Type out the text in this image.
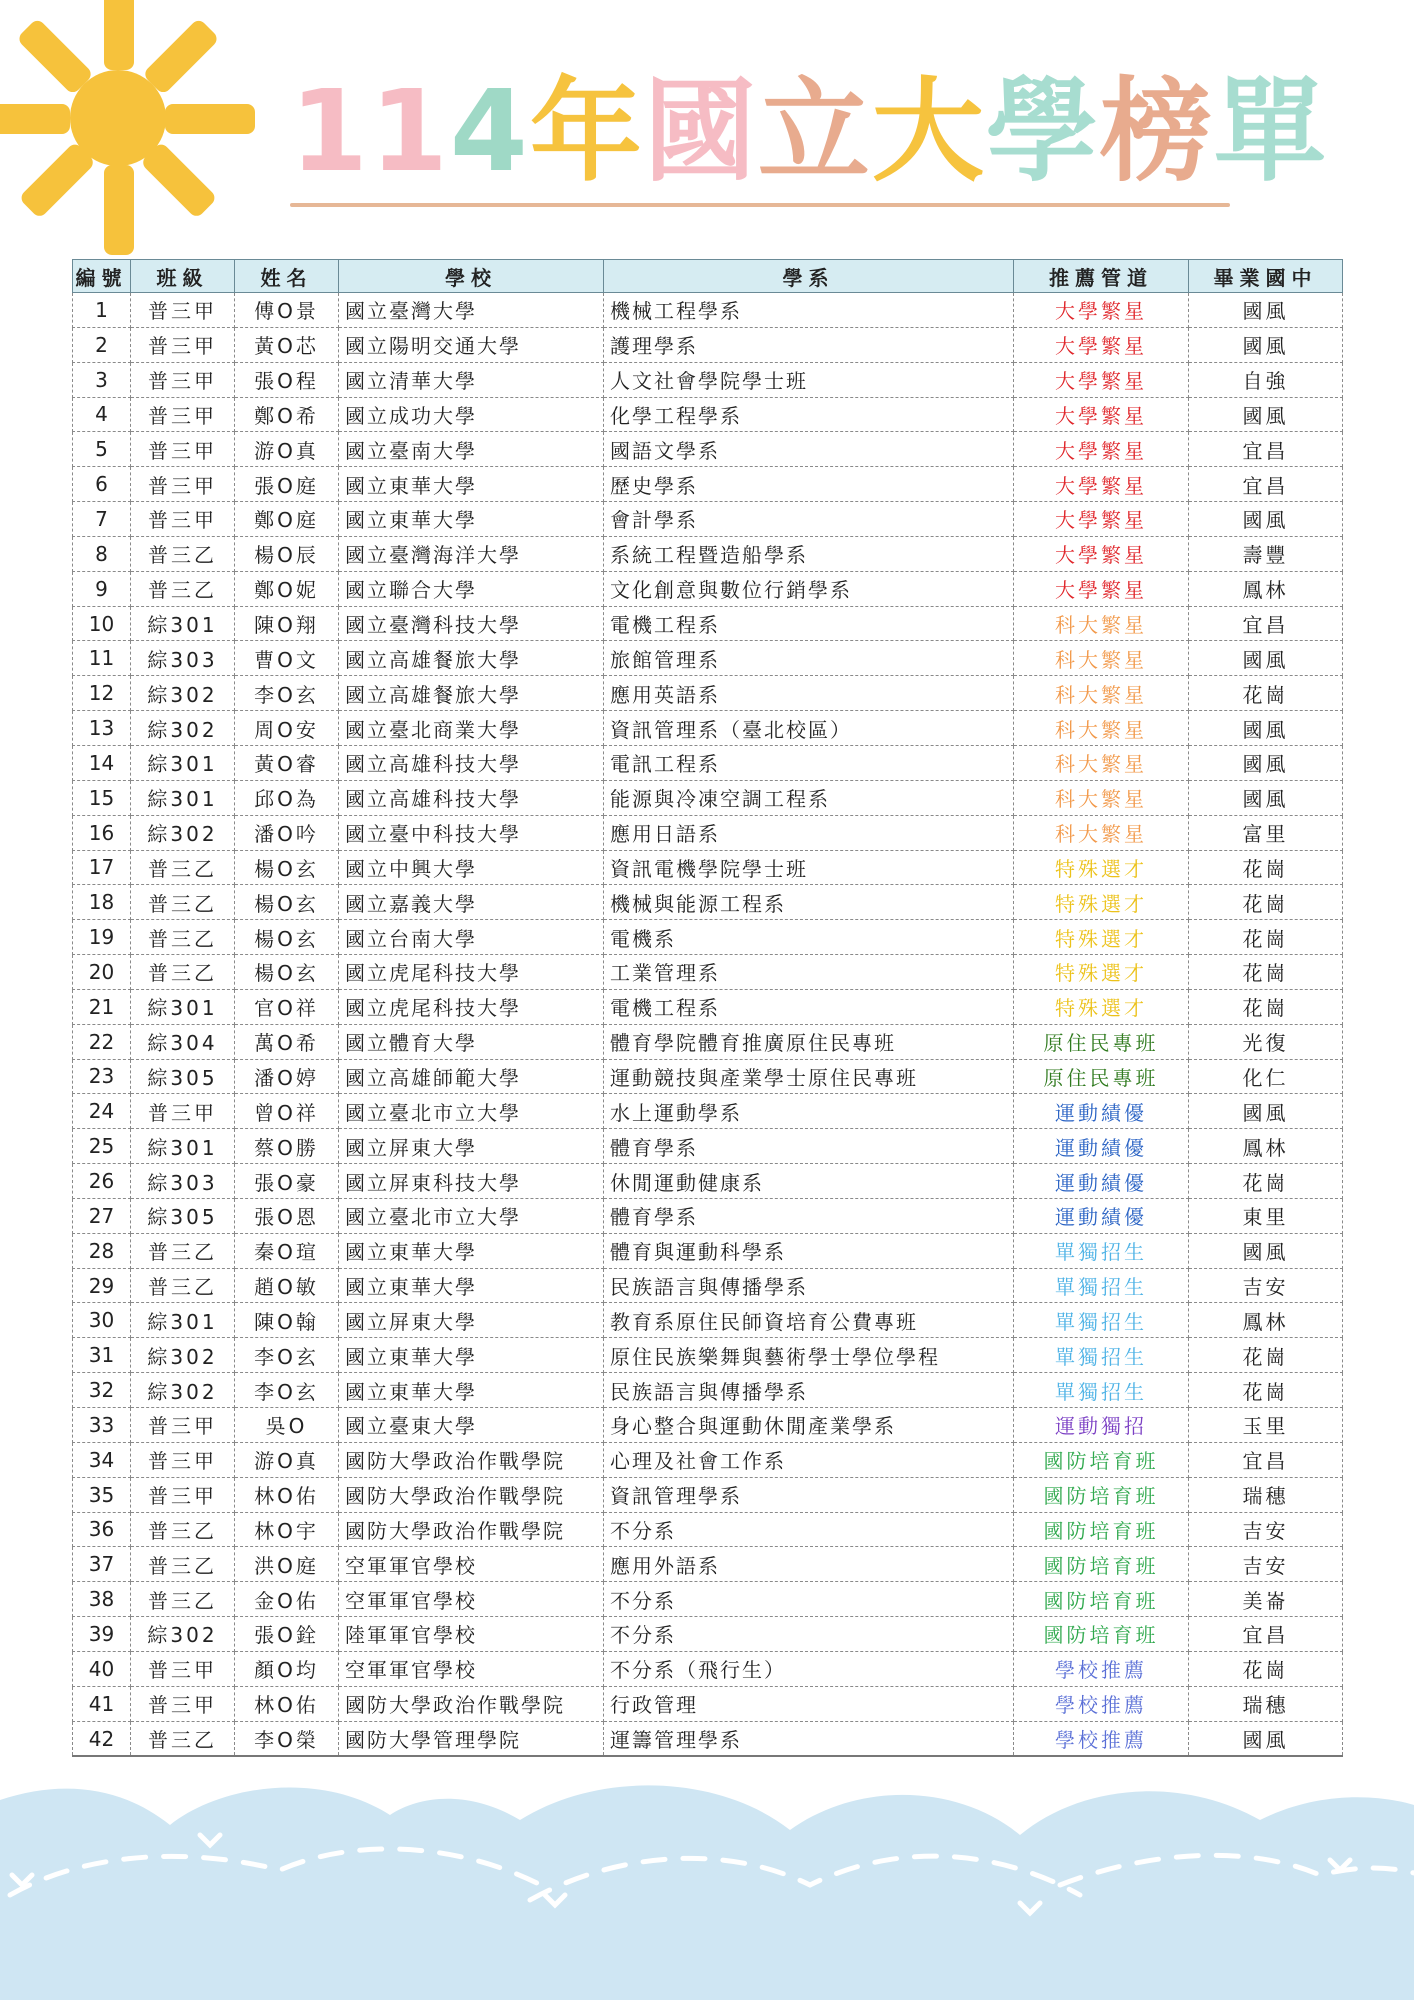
1 1 4 年 國 立 大 學 榜 單
編號	班級	姓名	學校	學系	推薦管道	畢業國中
1	普三甲	傅O景	國立臺灣大學	機械工程學系	大學繁星	國風
2	普三甲	黃O芯	國立陽明交通大學	護理學系	大學繁星	國風
3	普三甲	張O程	國立清華大學	人文社會學院學士班	大學繁星	自強
4	普三甲	鄭O希	國立成功大學	化學工程學系	大學繁星	國風
5	普三甲	游O真	國立臺南大學	國語文學系	大學繁星	宜昌
6	普三甲	張O庭	國立東華大學	歷史學系	大學繁星	宜昌
7	普三甲	鄭O庭	國立東華大學	會計學系	大學繁星	國風
8	普三乙	楊O辰	國立臺灣海洋大學	系統工程暨造船學系	大學繁星	壽豐
9	普三乙	鄭O妮	國立聯合大學	文化創意與數位行銷學系	大學繁星	鳳林
10	綜301	陳O翔	國立臺灣科技大學	電機工程系	科大繁星	宜昌
11	綜303	曹O文	國立高雄餐旅大學	旅館管理系	科大繁星	國風
12	綜302	李O玄	國立高雄餐旅大學	應用英語系	科大繁星	花崗
13	綜302	周O安	國立臺北商業大學	資訊管理系（臺北校區）	科大繁星	國風
14	綜301	黃O睿	國立高雄科技大學	電訊工程系	科大繁星	國風
15	綜301	邱O為	國立高雄科技大學	能源與冷凍空調工程系	科大繁星	國風
16	綜302	潘O吟	國立臺中科技大學	應用日語系	科大繁星	富里
17	普三乙	楊O玄	國立中興大學	資訊電機學院學士班	特殊選才	花崗
18	普三乙	楊O玄	國立嘉義大學	機械與能源工程系	特殊選才	花崗
19	普三乙	楊O玄	國立台南大學	電機系	特殊選才	花崗
20	普三乙	楊O玄	國立虎尾科技大學	工業管理系	特殊選才	花崗
21	綜301	官O祥	國立虎尾科技大學	電機工程系	特殊選才	花崗
22	綜304	萬O希	國立體育大學	體育學院體育推廣原住民專班	原住民專班	光復
23	綜305	潘O婷	國立高雄師範大學	運動競技與產業學士原住民專班	原住民專班	化仁
24	普三甲	曾O祥	國立臺北市立大學	水上運動學系	運動績優	國風
25	綜301	蔡O勝	國立屏東大學	體育學系	運動績優	鳳林
26	綜303	張O豪	國立屏東科技大學	休閒運動健康系	運動績優	花崗
27	綜305	張O恩	國立臺北市立大學	體育學系	運動績優	東里
28	普三乙	秦O瑄	國立東華大學	體育與運動科學系	單獨招生	國風
29	普三乙	趙O敏	國立東華大學	民族語言與傳播學系	單獨招生	吉安
30	綜301	陳O翰	國立屏東大學	教育系原住民師資培育公費專班	單獨招生	鳳林
31	綜302	李O玄	國立東華大學	原住民族樂舞與藝術學士學位學程	單獨招生	花崗
32	綜302	李O玄	國立東華大學	民族語言與傳播學系	單獨招生	花崗
33	普三甲	吳O	國立臺東大學	身心整合與運動休閒產業學系	運動獨招	玉里
34	普三甲	游O真	國防大學政治作戰學院	心理及社會工作系	國防培育班	宜昌
35	普三甲	林O佑	國防大學政治作戰學院	資訊管理學系	國防培育班	瑞穗
36	普三乙	林O宇	國防大學政治作戰學院	不分系	國防培育班	吉安
37	普三乙	洪O庭	空軍軍官學校	應用外語系	國防培育班	吉安
38	普三乙	金O佑	空軍軍官學校	不分系	國防培育班	美崙
39	綜302	張O銓	陸軍軍官學校	不分系	國防培育班	宜昌
40	普三甲	顏O均	空軍軍官學校	不分系（飛行生）	學校推薦	花崗
41	普三甲	林O佑	國防大學政治作戰學院	行政管理	學校推薦	瑞穗
42	普三乙	李O榮	國防大學管理學院	運籌管理學系	學校推薦	國風
